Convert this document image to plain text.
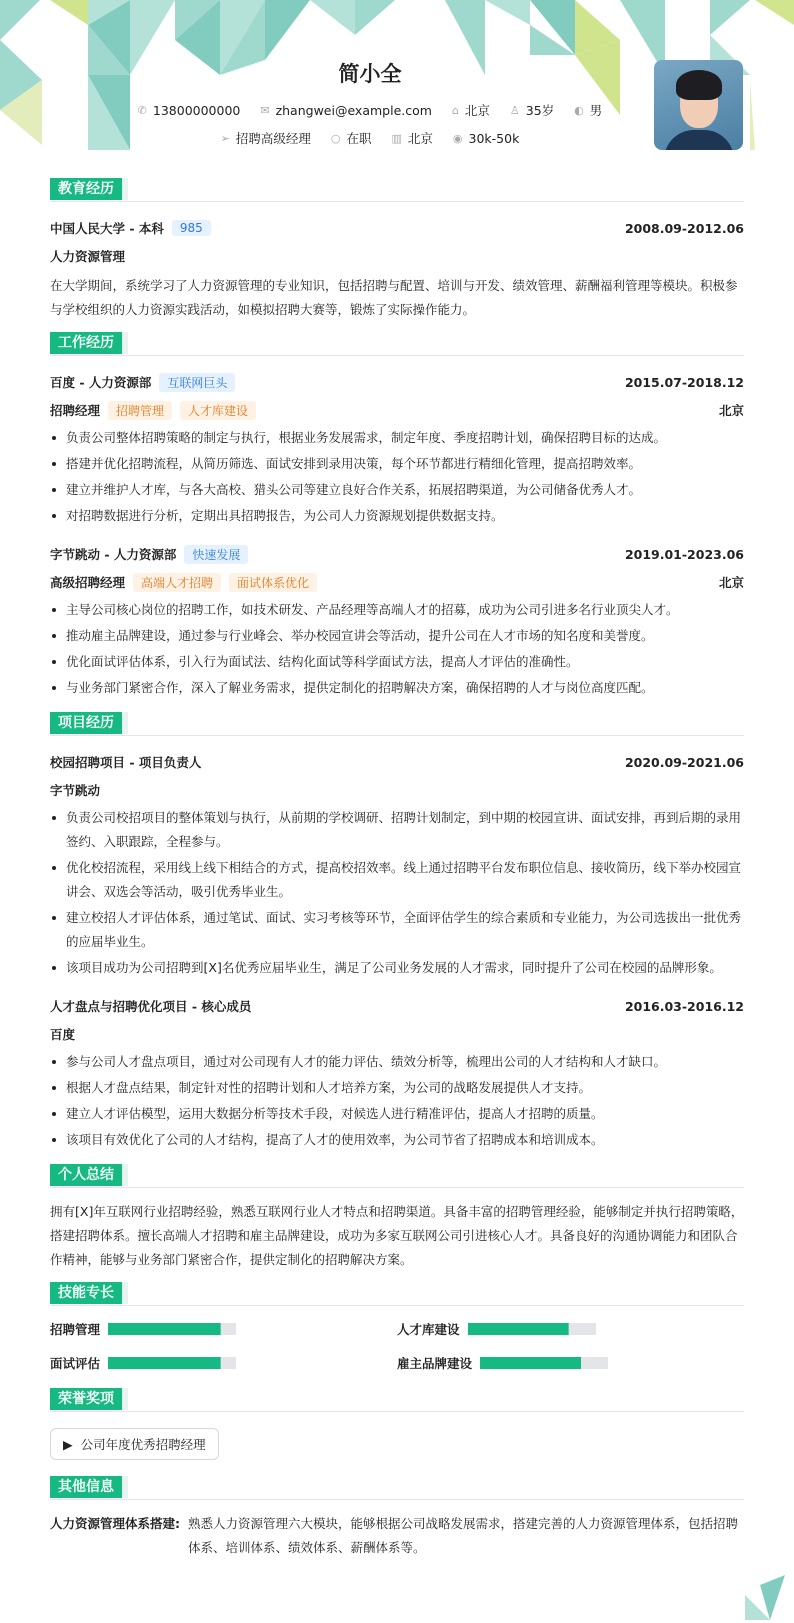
简小全
✆ 13800000000
✉ zhangwei@example.com
⌂ 北京
♙ 35岁
◐ 男
➢ 招聘高级经理
○ 在职
▥ 北京
◉ 30k-50k
教育经历
中国人民大学 - 本科	985	2008.09-2012.06
人力资源管理

在大学期间，系统学习了人力资源管理的专业知识，包括招聘与配置、培训与开发、绩效管理、薪酬福利管理等模块。积极参与学校组织的人力资源实践活动，如模拟招聘大赛等，锻炼了实际操作能力。

工作经历
百度 - 人力资源部	互联网巨头	2015.07-2018.12
招聘经理	招聘管理	人才库建设	北京
负责公司整体招聘策略的制定与执行，根据业务发展需求，制定年度、季度招聘计划，确保招聘目标的达成。
搭建并优化招聘流程，从简历筛选、面试安排到录用决策，每个环节都进行精细化管理，提高招聘效率。
建立并维护人才库，与各大高校、猎头公司等建立良好合作关系，拓展招聘渠道，为公司储备优秀人才。
对招聘数据进行分析，定期出具招聘报告，为公司人力资源规划提供数据支持。
字节跳动 - 人力资源部	快速发展	2019.01-2023.06
高级招聘经理	高端人才招聘	面试体系优化	北京
主导公司核心岗位的招聘工作，如技术研发、产品经理等高端人才的招募，成功为公司引进多名行业顶尖人才。
推动雇主品牌建设，通过参与行业峰会、举办校园宣讲会等活动，提升公司在人才市场的知名度和美誉度。
优化面试评估体系，引入行为面试法、结构化面试等科学面试方法，提高人才评估的准确性。
与业务部门紧密合作，深入了解业务需求，提供定制化的招聘解决方案，确保招聘的人才与岗位高度匹配。
项目经历
校园招聘项目 - 项目负责人	2020.09-2021.06
字节跳动
负责公司校招项目的整体策划与执行，从前期的学校调研、招聘计划制定，到中期的校园宣讲、面试安排，再到后期的录用签约、入职跟踪，全程参与。
优化校招流程，采用线上线下相结合的方式，提高校招效率。线上通过招聘平台发布职位信息、接收简历，线下举办校园宣讲会、双选会等活动，吸引优秀毕业生。
建立校招人才评估体系，通过笔试、面试、实习考核等环节，全面评估学生的综合素质和专业能力，为公司选拔出一批优秀的应届毕业生。
该项目成功为公司招聘到[X]名优秀应届毕业生，满足了公司业务发展的人才需求，同时提升了公司在校园的品牌形象。
人才盘点与招聘优化项目 - 核心成员	2016.03-2016.12
百度
参与公司人才盘点项目，通过对公司现有人才的能力评估、绩效分析等，梳理出公司的人才结构和人才缺口。
根据人才盘点结果，制定针对性的招聘计划和人才培养方案，为公司的战略发展提供人才支持。
建立人才评估模型，运用大数据分析等技术手段，对候选人进行精准评估，提高人才招聘的质量。
该项目有效优化了公司的人才结构，提高了人才的使用效率，为公司节省了招聘成本和培训成本。
个人总结

拥有[X]年互联网行业招聘经验，熟悉互联网行业人才特点和招聘渠道。具备丰富的招聘管理经验，能够制定并执行招聘策略，搭建招聘体系。擅长高端人才招聘和雇主品牌建设，成功为多家互联网公司引进核心人才。具备良好的沟通协调能力和团队合作精神，能够与业务部门紧密合作，提供定制化的招聘解决方案。

技能专长
招聘管理	人才库建设
面试评估	雇主品牌建设
荣誉奖项
▶ 公司年度优秀招聘经理
其他信息
人力资源管理体系搭建: 熟悉人力资源管理六大模块，能够根据公司战略发展需求，搭建完善的人力资源管理体系，包括招聘体系、培训体系、绩效体系、薪酬体系等。
